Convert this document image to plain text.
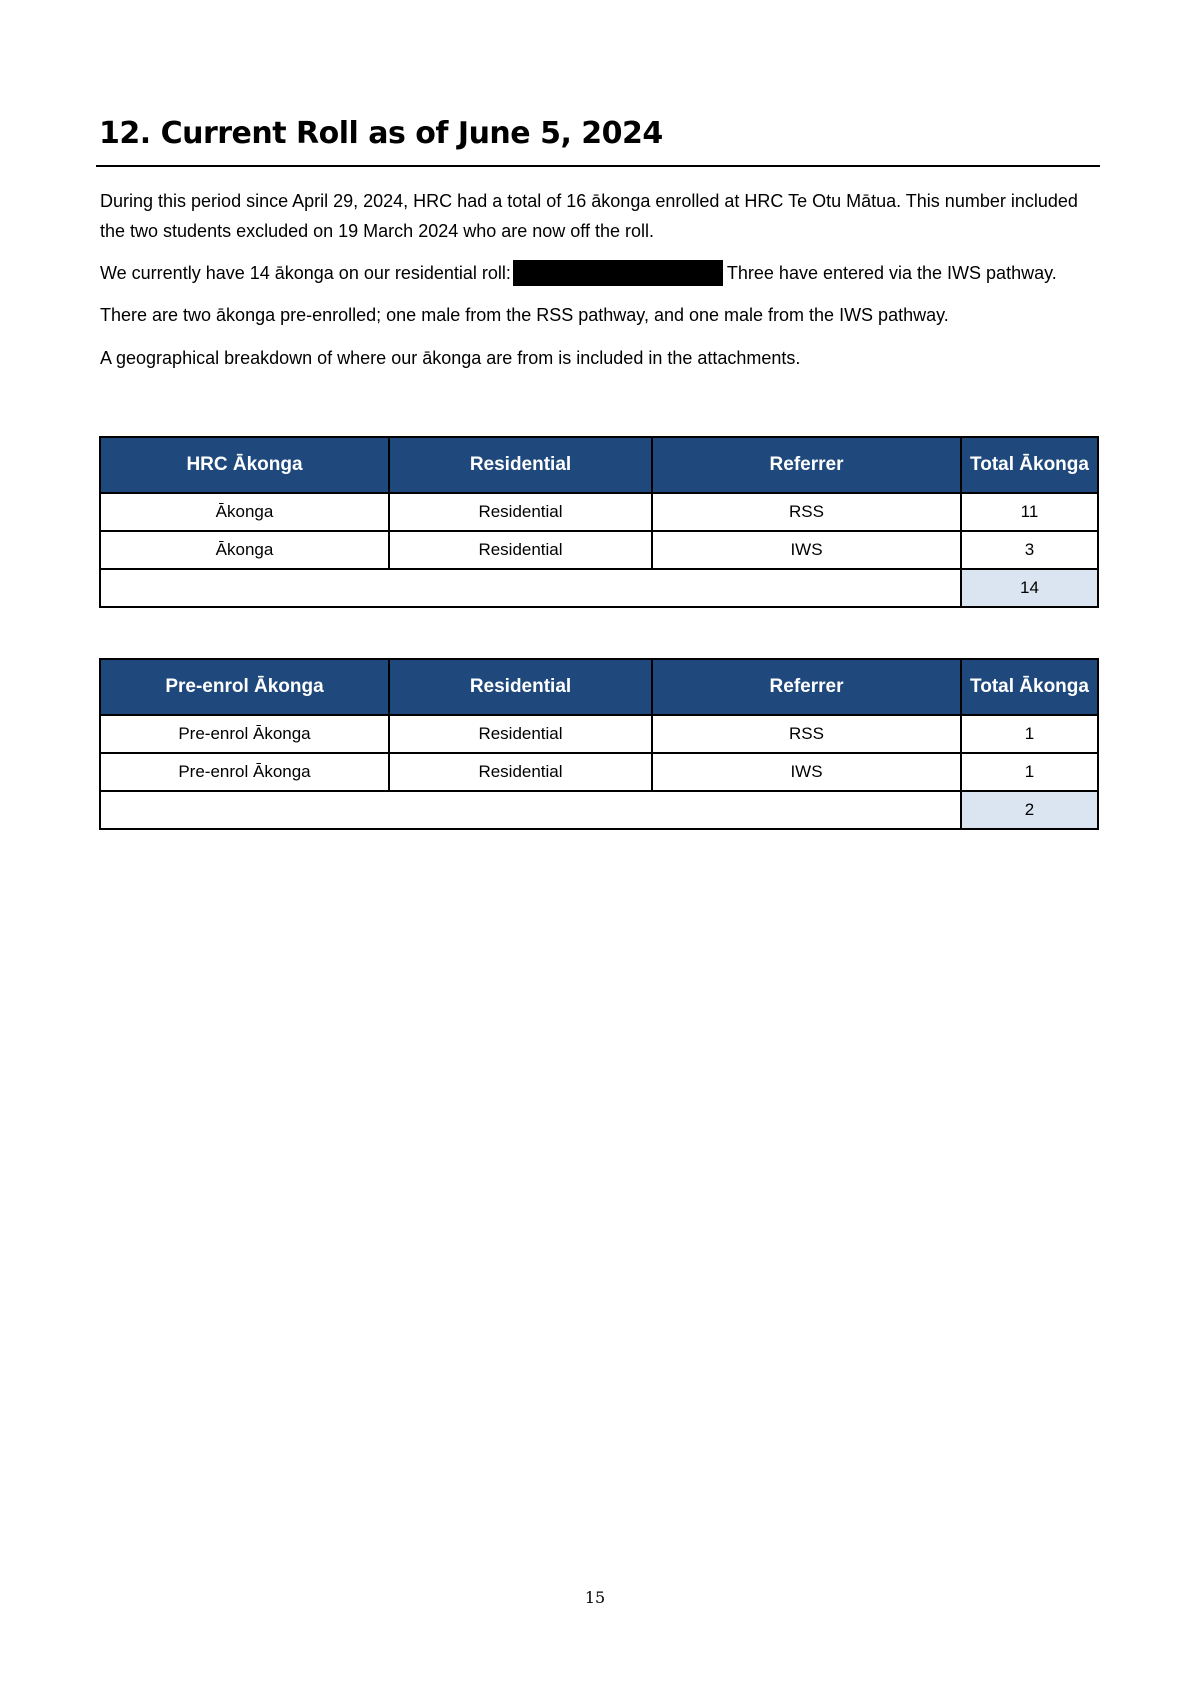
12. Current Roll as of June 5, 2024

During this period since April 29, 2024, HRC had a total of 16 ākonga enrolled at HRC Te Otu Mātua. This number included the two students excluded on 19 March 2024 who are now off the roll.

We currently have 14 ākonga on our residential roll:	Three have entered via the IWS pathway.

There are two ākonga pre-enrolled; one male from the RSS pathway, and one male from the IWS pathway.

A geographical breakdown of where our ākonga are from is included in the attachments.

HRC Ākonga	Residential	Referrer	Total Ākonga
Ākonga	Residential	RSS	11
Ākonga	Residential	IWS	3
			14
Pre-enrol Ākonga	Residential	Referrer	Total Ākonga
Pre-enrol Ākonga	Residential	RSS	1
Pre-enrol Ākonga	Residential	IWS	1
			2
15
